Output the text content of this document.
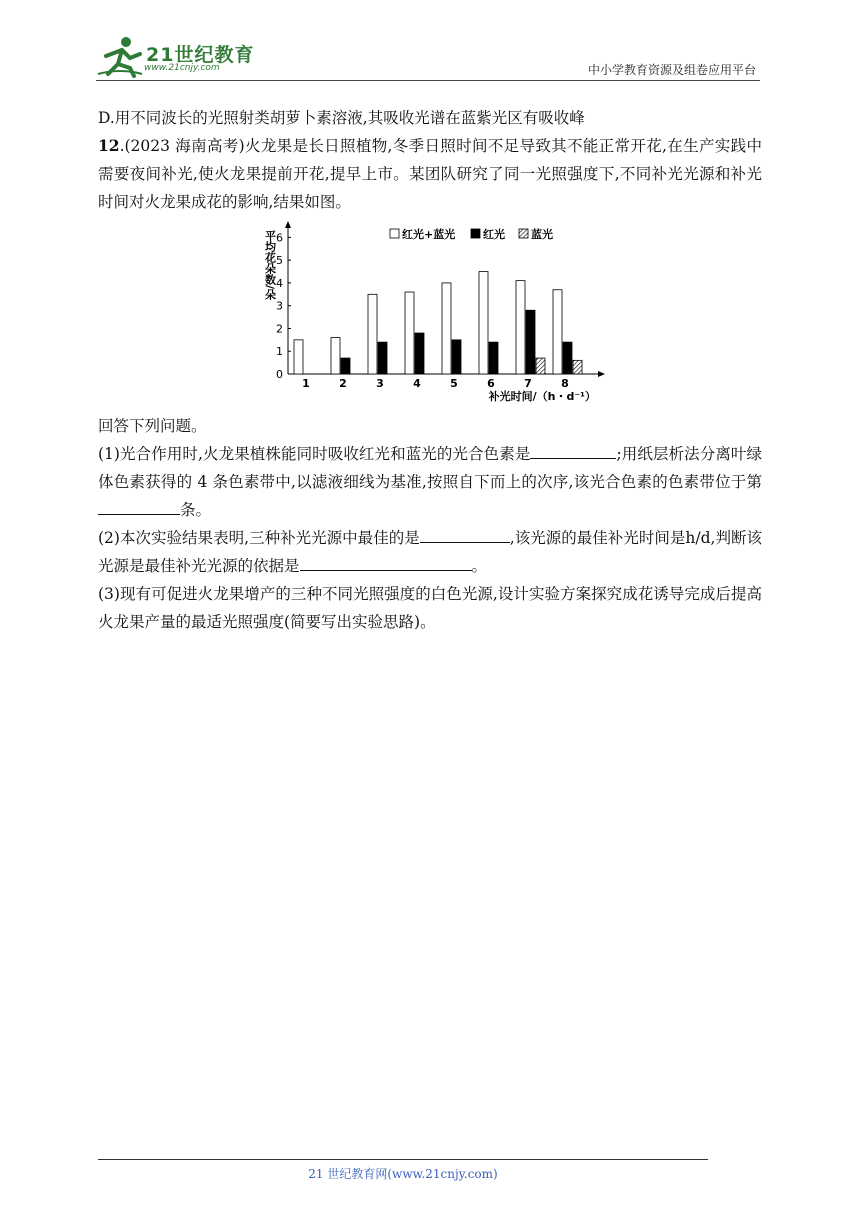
21世纪教育
www.21cnjy.com	中小学教育资源及组卷应用平台

D.用不同波长的光照射类胡萝卜素溶液,其吸收光谱在蓝紫光区有吸收峰

12.(2023 海南高考)火龙果是长日照植物,冬季日照时间不足导致其不能正常开花,在生产实践中需要夜间补光,使火龙果提前开花,提早上市。某团队研究了同一光照强度下,不同补光光源和补光时间对火龙果成花的影响,结果如图。

0
1
2
3
4
5
6
平均花朵数/朵
1	2	3	4	5	6	7	8
补光时间/（h・d⁻¹）
红光+蓝光	红光 蓝光

回答下列问题。

(1)光合作用时,火龙果植株能同时吸收红光和蓝光的光合色素是	;用纸层析法分离叶绿体色素获得的 4 条色素带中,以滤液细线为基准,按照自下而上的次序,该光合色素的色素带位于第条。

(2)本次实验结果表明,三种补光光源中最佳的是	,该光源的最佳补光时间是h/d,判断该光源是最佳补光光源的依据是	。

(3)现有可促进火龙果增产的三种不同光照强度的白色光源,设计实验方案探究成花诱导完成后提高火龙果产量的最适光照强度(简要写出实验思路)。

21 世纪教育网(www.21cnjy.com)
